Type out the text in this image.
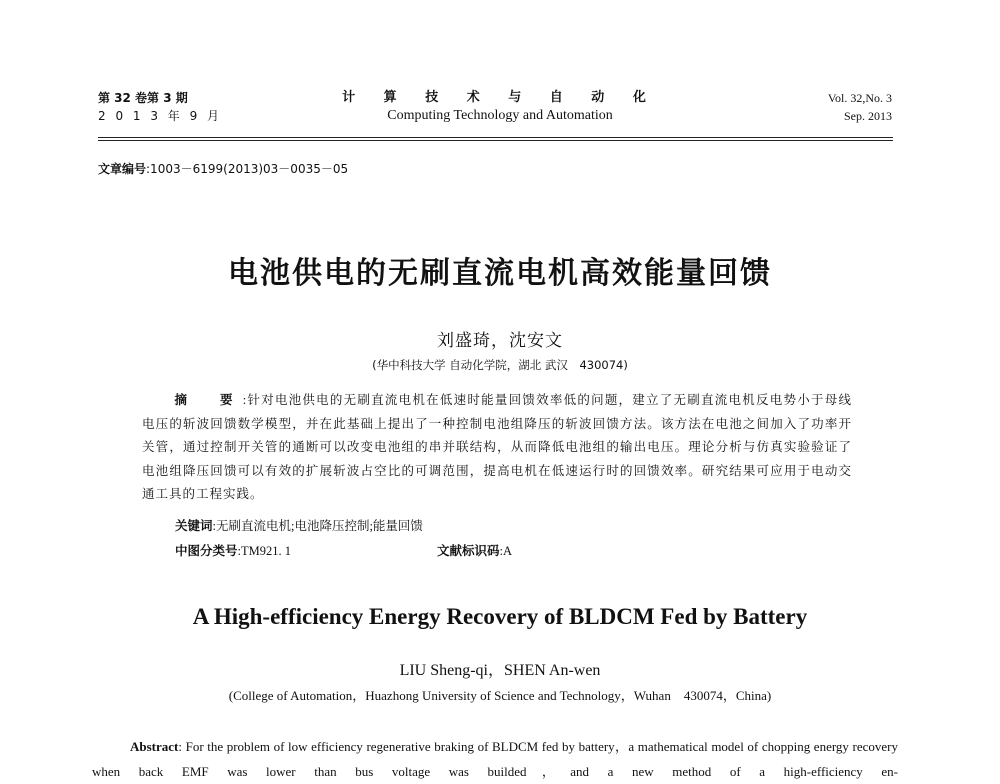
第 32 卷第 3 期
2 0 1 3 年 9 月
计 算 技 术 与 自 动 化
Computing Technology and Automation
Vol. 32,No. 3
Sep. 2013
文章编号:1003－6199(2013)03－0035－05
电池供电的无刷直流电机高效能量回馈
刘盛琦，沈安文
(华中科技大学 自动化学院，湖北 武汉　430074)

摘　要:针对电池供电的无刷直流电机在低速时能量回馈效率低的问题，建立了无刷直流电机反电势小于母线电压的斩波回馈数学模型，并在此基础上提出了一种控制电池组降压的斩波回馈方法。该方法在电池之间加入了功率开关管，通过控制开关管的通断可以改变电池组的串并联结构，从而降低电池组的输出电压。理论分析与仿真实验验证了电池组降压回馈可以有效的扩展斩波占空比的可调范围，提高电机在低速运行时的回馈效率。研究结果可应用于电动交通工具的工程实践。

关键词:无刷直流电机;电池降压控制;能量回馈
中图分类号:TM921. 1	文献标识码:A
A High-efficiency Energy Recovery of BLDCM Fed by Battery
LIU Sheng-qi，SHEN An-wen
(College of Automation，Huazhong University of Science and Technology，Wuhan　430074，China)

Abstract: For the problem of low efficiency regenerative braking of BLDCM fed by battery，a mathematical model of chopping energy recovery when back EMF was lower than bus voltage was builded，and a new method of a high-efficiency en-
